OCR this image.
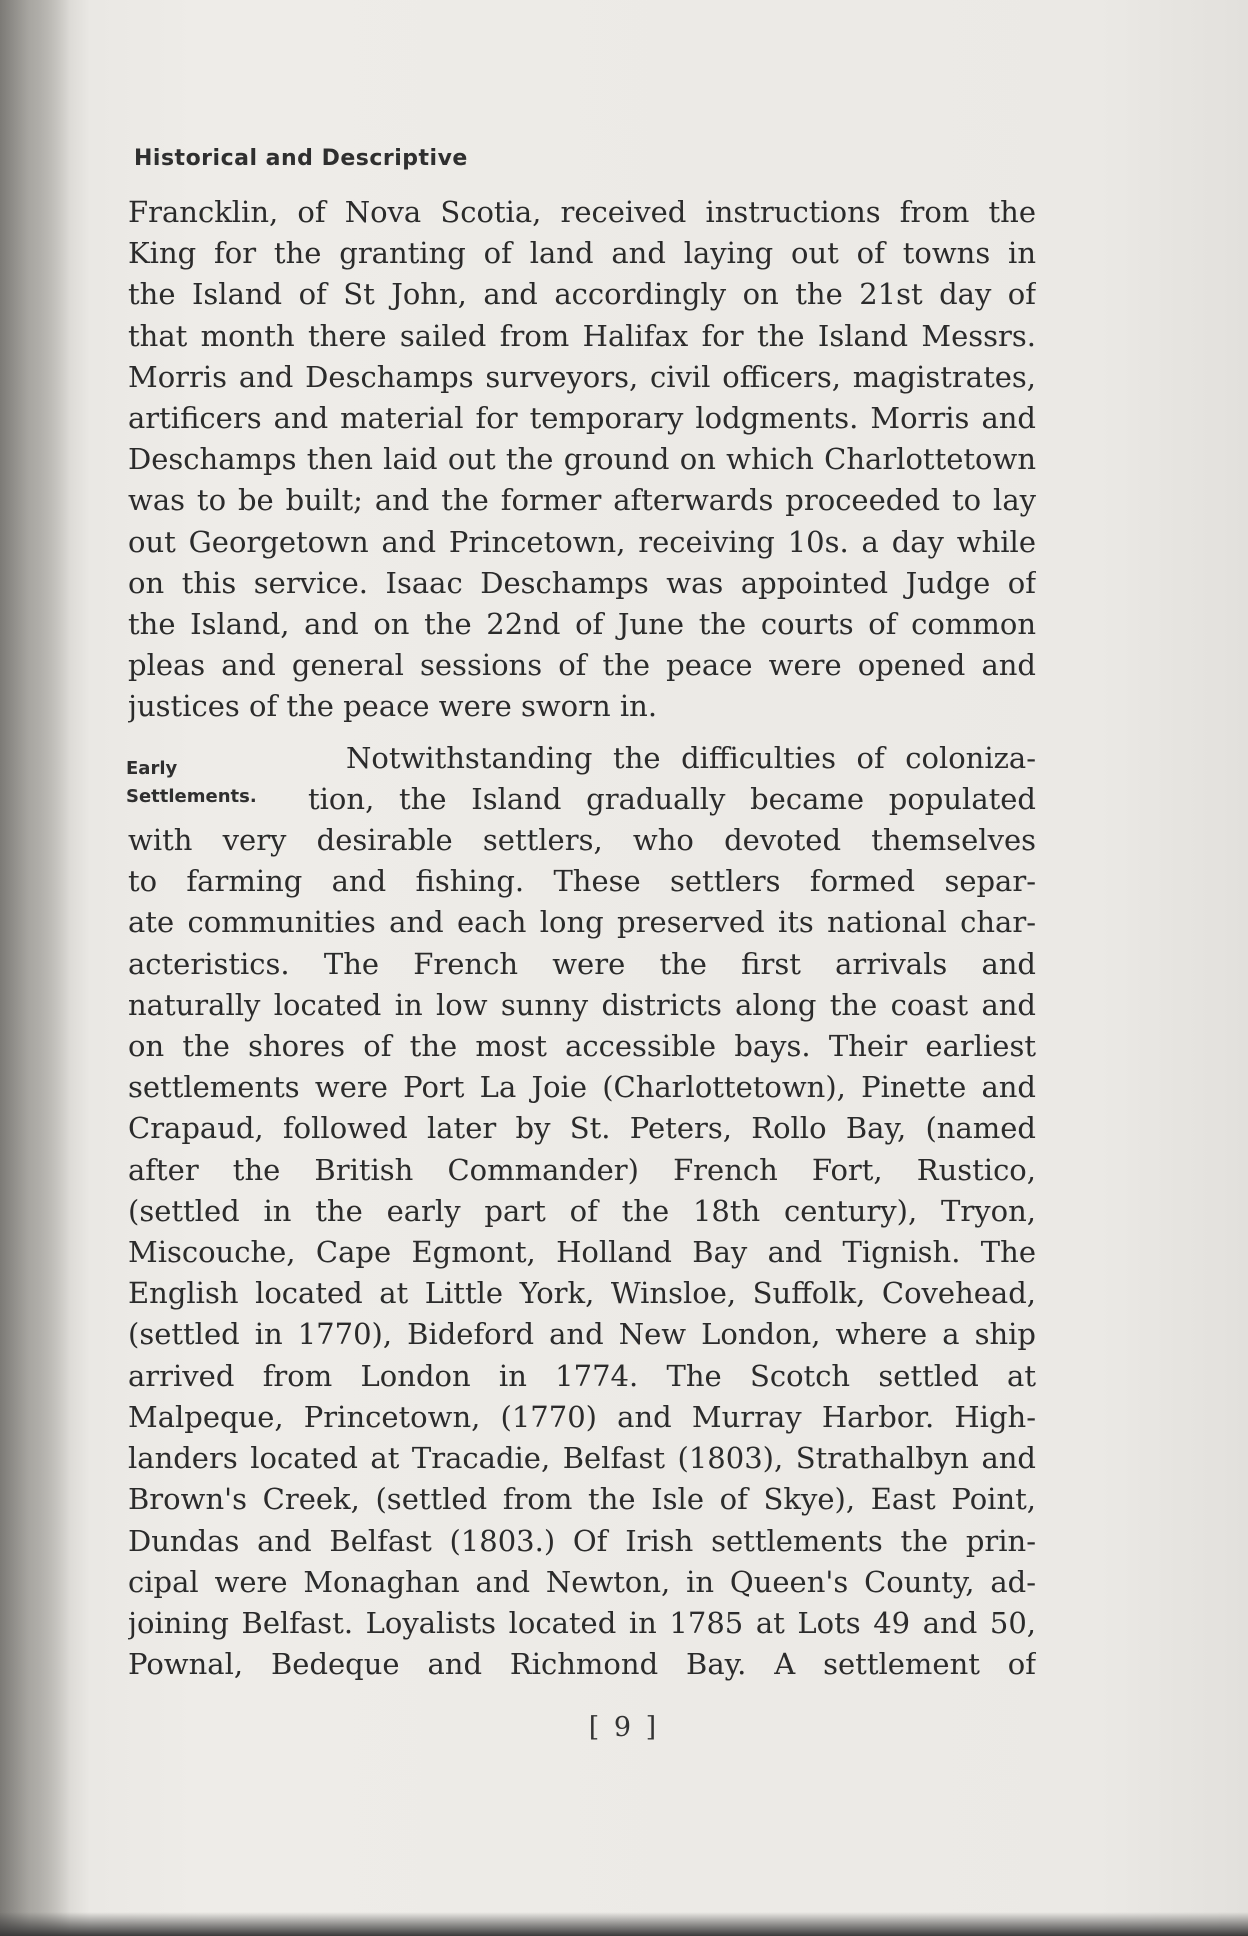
Historical and Descriptive
Francklin, of Nova Scotia, received instructions from the
King for the granting of land and laying out of towns in
the Island of St John, and accordingly on the 21st day of
that month there sailed from Halifax for the Island Messrs.
Morris and Deschamps surveyors, civil officers, magistrates,
artificers and material for temporary lodgments. Morris and
Deschamps then laid out the ground on which Charlottetown
was to be built; and the former afterwards proceeded to lay
out Georgetown and Princetown, receiving 10s. a day while
on this service. Isaac Deschamps was appointed Judge of
the Island, and on the 22nd of June the courts of common
pleas and general sessions of the peace were opened and
justices of the peace were sworn in.
Notwithstanding the difficulties of coloniza-
tion, the Island gradually became populated
with very desirable settlers, who devoted themselves
to farming and fishing. These settlers formed separ-
ate communities and each long preserved its national char-
acteristics. The French were the first arrivals and
naturally located in low sunny districts along the coast and
on the shores of the most accessible bays. Their earliest
settlements were Port La Joie (Charlottetown), Pinette and
Crapaud, followed later by St. Peters, Rollo Bay, (named
after the British Commander) French Fort, Rustico,
(settled in the early part of the 18th century), Tryon,
Miscouche, Cape Egmont, Holland Bay and Tignish. The
English located at Little York, Winsloe, Suffolk, Covehead,
(settled in 1770), Bideford and New London, where a ship
arrived from London in 1774. The Scotch settled at
Malpeque, Princetown, (1770) and Murray Harbor. High-
landers located at Tracadie, Belfast (1803), Strathalbyn and
Brown's Creek, (settled from the Isle of Skye), East Point,
Dundas and Belfast (1803.) Of Irish settlements the prin-
cipal were Monaghan and Newton, in Queen's County, ad-
joining Belfast. Loyalists located in 1785 at Lots 49 and 50,
Pownal, Bedeque and Richmond Bay. A settlement of
Early
Settlements.
[ 9 ]
